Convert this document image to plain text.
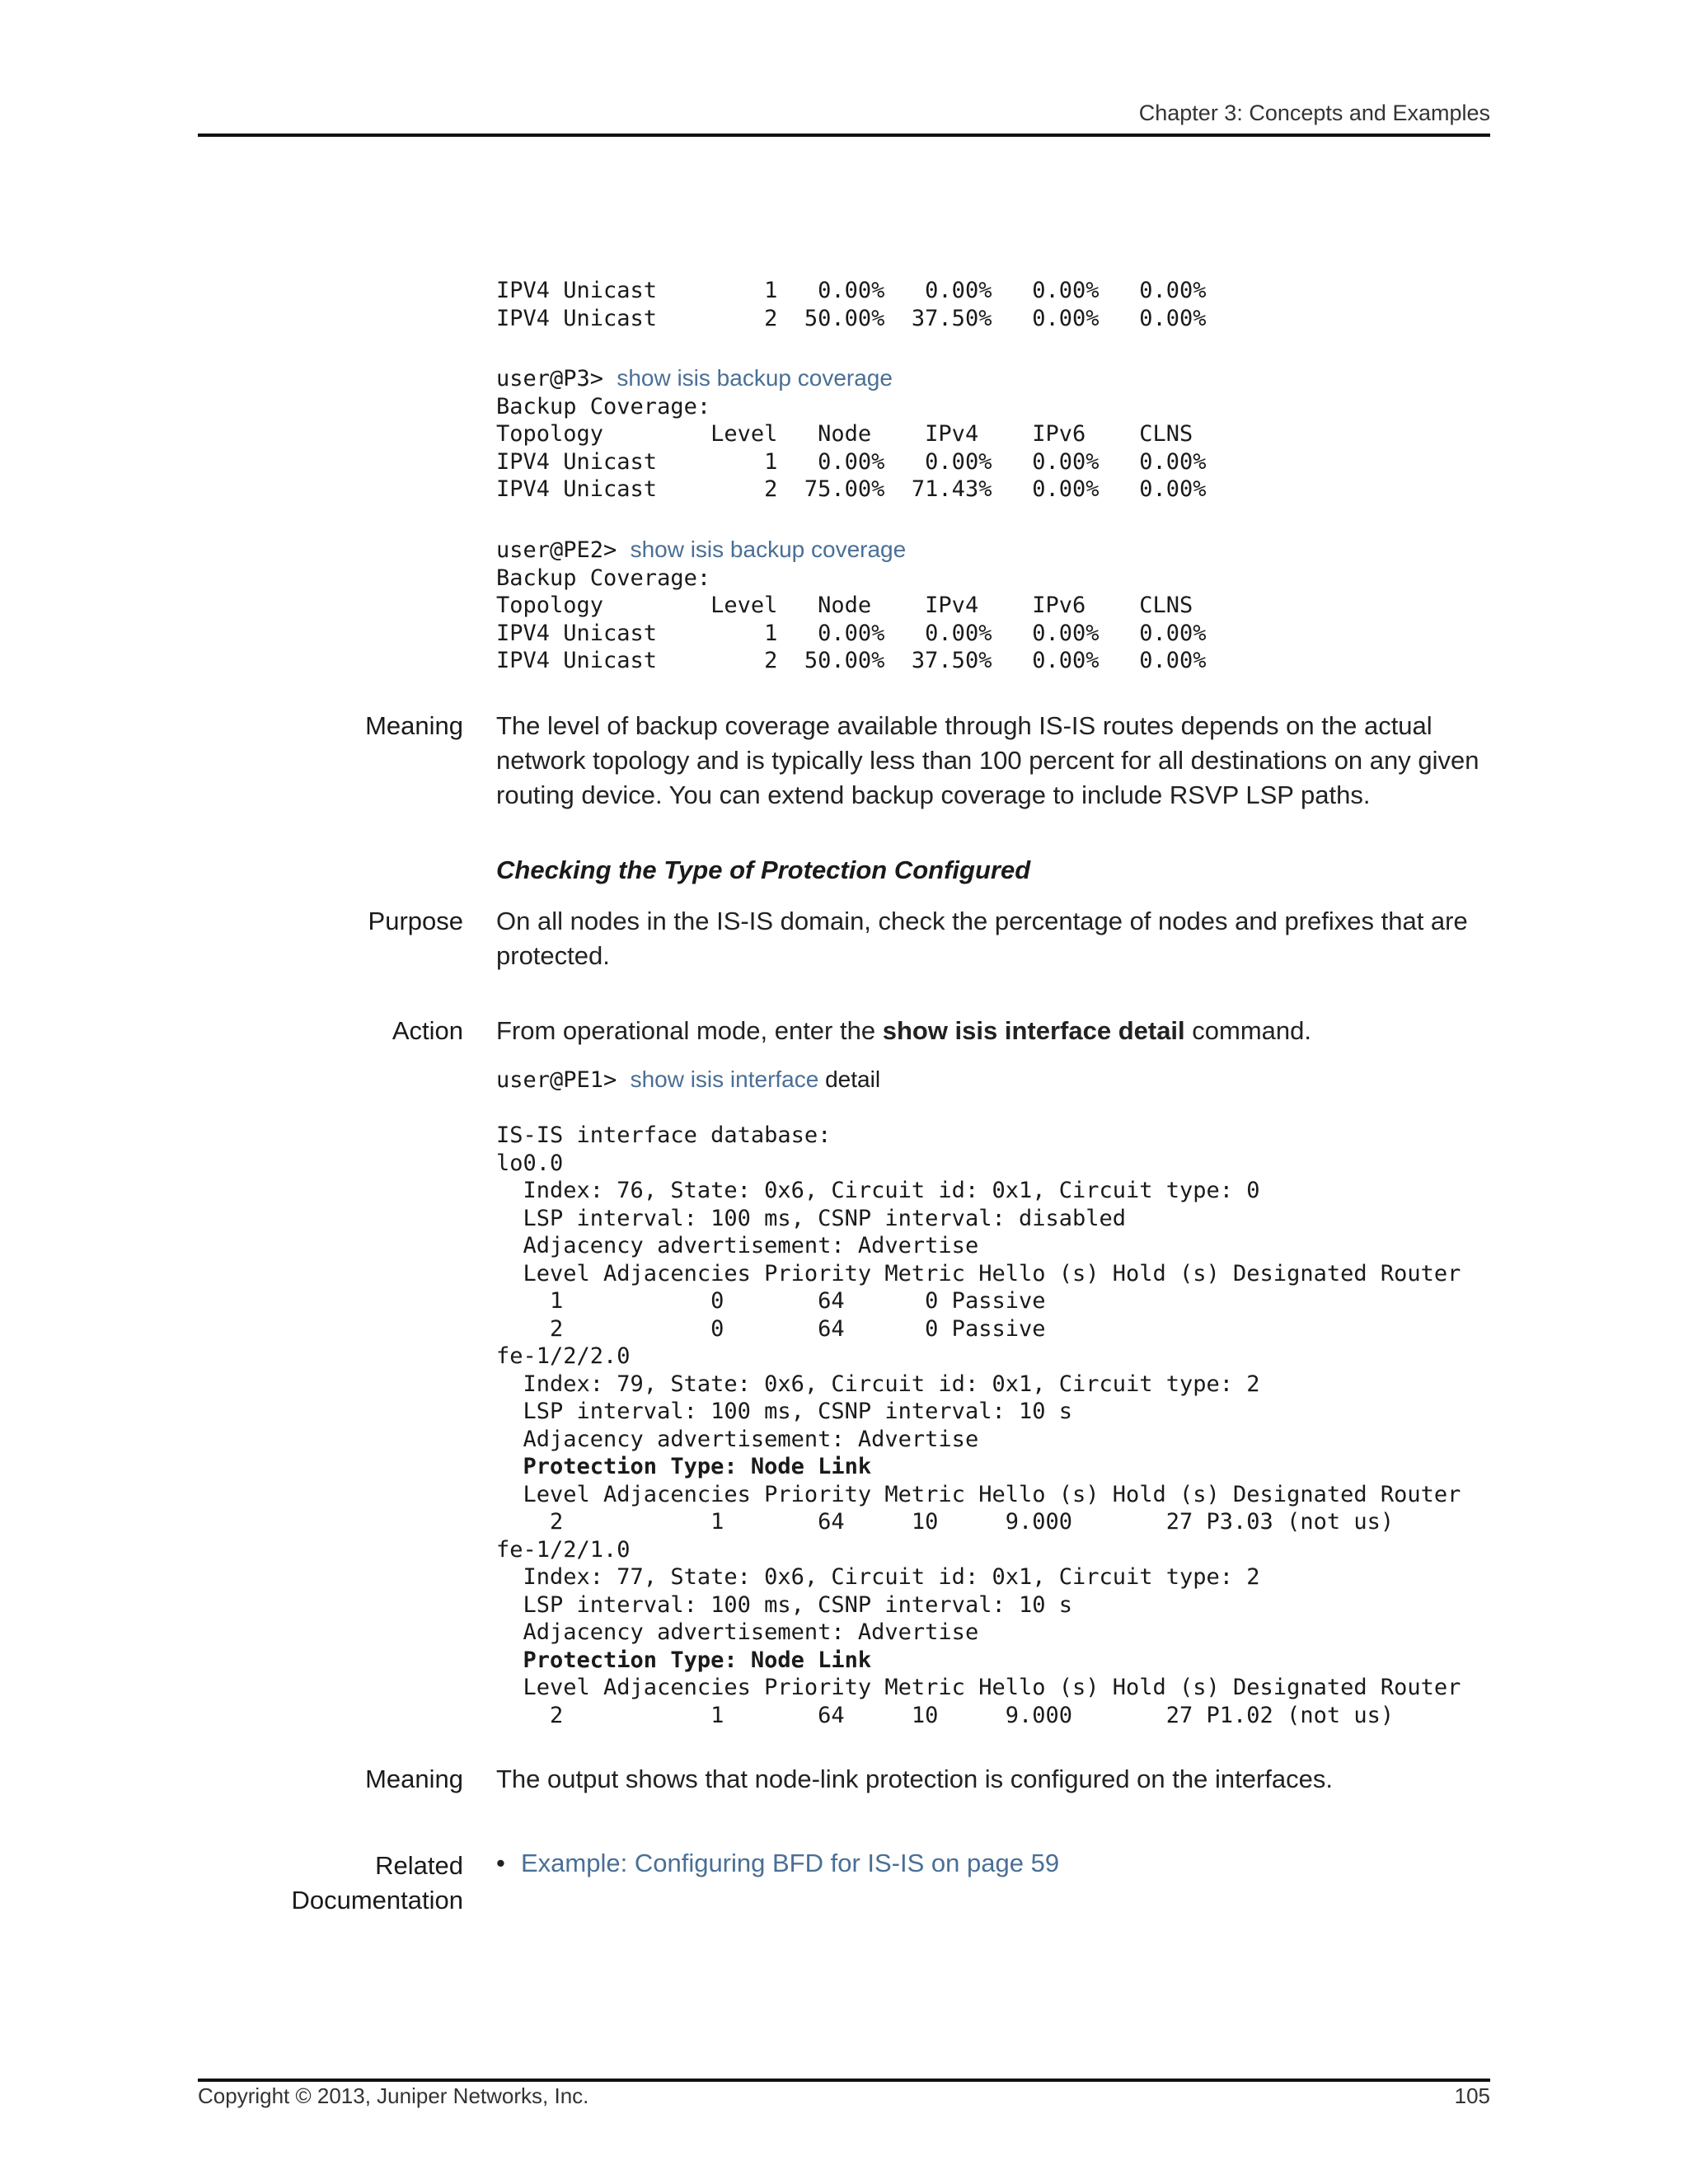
Chapter 3: Concepts and Examples
IPV4 Unicast        1   0.00%   0.00%   0.00%   0.00%
IPV4 Unicast        2  50.00%  37.50%   0.00%   0.00%
user@P3> show isis backup coverage
Backup Coverage:
Topology        Level   Node    IPv4    IPv6    CLNS
IPV4 Unicast        1   0.00%   0.00%   0.00%   0.00%
IPV4 Unicast        2  75.00%  71.43%   0.00%   0.00%
user@PE2> show isis backup coverage
Backup Coverage:
Topology        Level   Node    IPv4    IPv6    CLNS
IPV4 Unicast        1   0.00%   0.00%   0.00%   0.00%
IPV4 Unicast        2  50.00%  37.50%   0.00%   0.00%
Meaning The level of backup coverage available through IS-IS routes depends on the actual network topology and is typically less than 100 percent for all destinations on any given routing device. You can extend backup coverage to include RSVP LSP paths.
Checking the Type of Protection Configured
Purpose On all nodes in the IS-IS domain, check the percentage of nodes and prefixes that are protected.
Action From operational mode, enter the show isis interface detail command.
user@PE1> show isis interface detail

IS-IS interface database:
lo0.0
Index: 76, State: 0x6, Circuit id: 0x1, Circuit type: 0
LSP interval: 100 ms, CSNP interval: disabled
Adjacency advertisement: Advertise
Level Adjacencies Priority Metric Hello (s) Hold (s) Designated Router
1           0       64      0 Passive
2           0       64      0 Passive
fe-1/2/2.0
Index: 79, State: 0x6, Circuit id: 0x1, Circuit type: 2
LSP interval: 100 ms, CSNP interval: 10 s
Adjacency advertisement: Advertise
Protection Type: Node Link
Level Adjacencies Priority Metric Hello (s) Hold (s) Designated Router
2           1       64     10     9.000       27 P3.03 (not us)
fe-1/2/1.0
Index: 77, State: 0x6, Circuit id: 0x1, Circuit type: 2
LSP interval: 100 ms, CSNP interval: 10 s
Adjacency advertisement: Advertise
Protection Type: Node Link
Level Adjacencies Priority Metric Hello (s) Hold (s) Designated Router
2           1       64     10     9.000       27 P1.02 (not us)
Meaning The output shows that node-link protection is configured on the interfaces.
Related
Documentation
• Example: Configuring BFD for IS-IS on page 59
Copyright © 2013, Juniper Networks, Inc.	105
